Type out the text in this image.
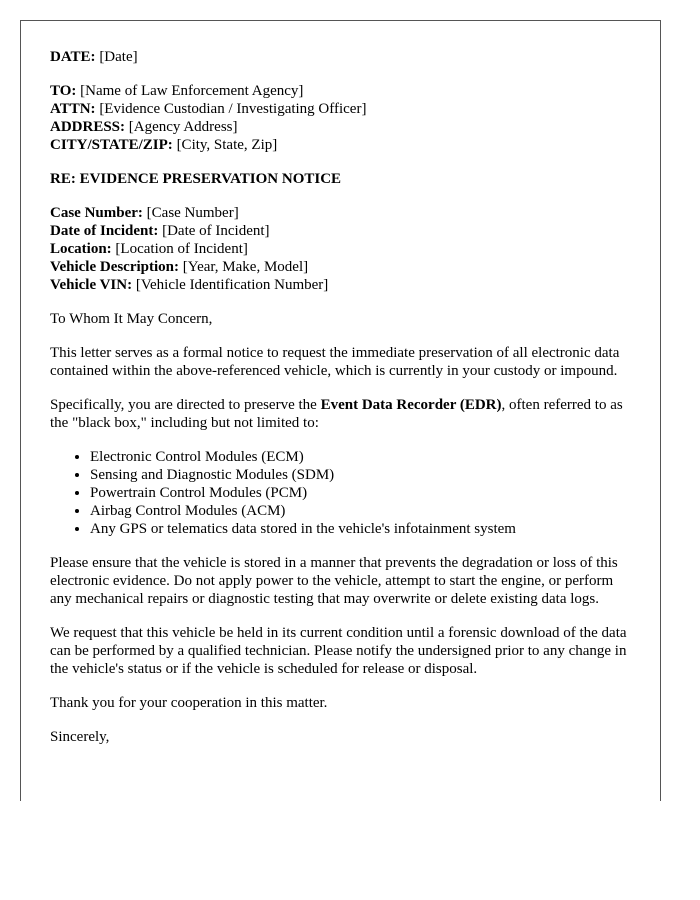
DATE: [Date]

TO: [Name of Law Enforcement Agency]

ATTN: [Evidence Custodian / Investigating Officer]

ADDRESS: [Agency Address]

CITY/STATE/ZIP: [City, State, Zip]

RE: EVIDENCE PRESERVATION NOTICE

Case Number: [Case Number]

Date of Incident: [Date of Incident]

Location: [Location of Incident]

Vehicle Description: [Year, Make, Model]

Vehicle VIN: [Vehicle Identification Number]

To Whom It May Concern,

This letter serves as a formal notice to request the immediate preservation of all electronic data contained within the above-referenced vehicle, which is currently in your custody or impound.

Specifically, you are directed to preserve the Event Data Recorder (EDR), often referred to as the "black box," including but not limited to:

• Electronic Control Modules (ECM)
• Sensing and Diagnostic Modules (SDM)
• Powertrain Control Modules (PCM)
• Airbag Control Modules (ACM)
• Any GPS or telematics data stored in the vehicle's infotainment system

Please ensure that the vehicle is stored in a manner that prevents the degradation or loss of this electronic evidence. Do not apply power to the vehicle, attempt to start the engine, or perform any mechanical repairs or diagnostic testing that may overwrite or delete existing data logs.

We request that this vehicle be held in its current condition until a forensic download of the data can be performed by a qualified technician. Please notify the undersigned prior to any change in the vehicle's status or if the vehicle is scheduled for release or disposal.

Thank you for your cooperation in this matter.

Sincerely,
